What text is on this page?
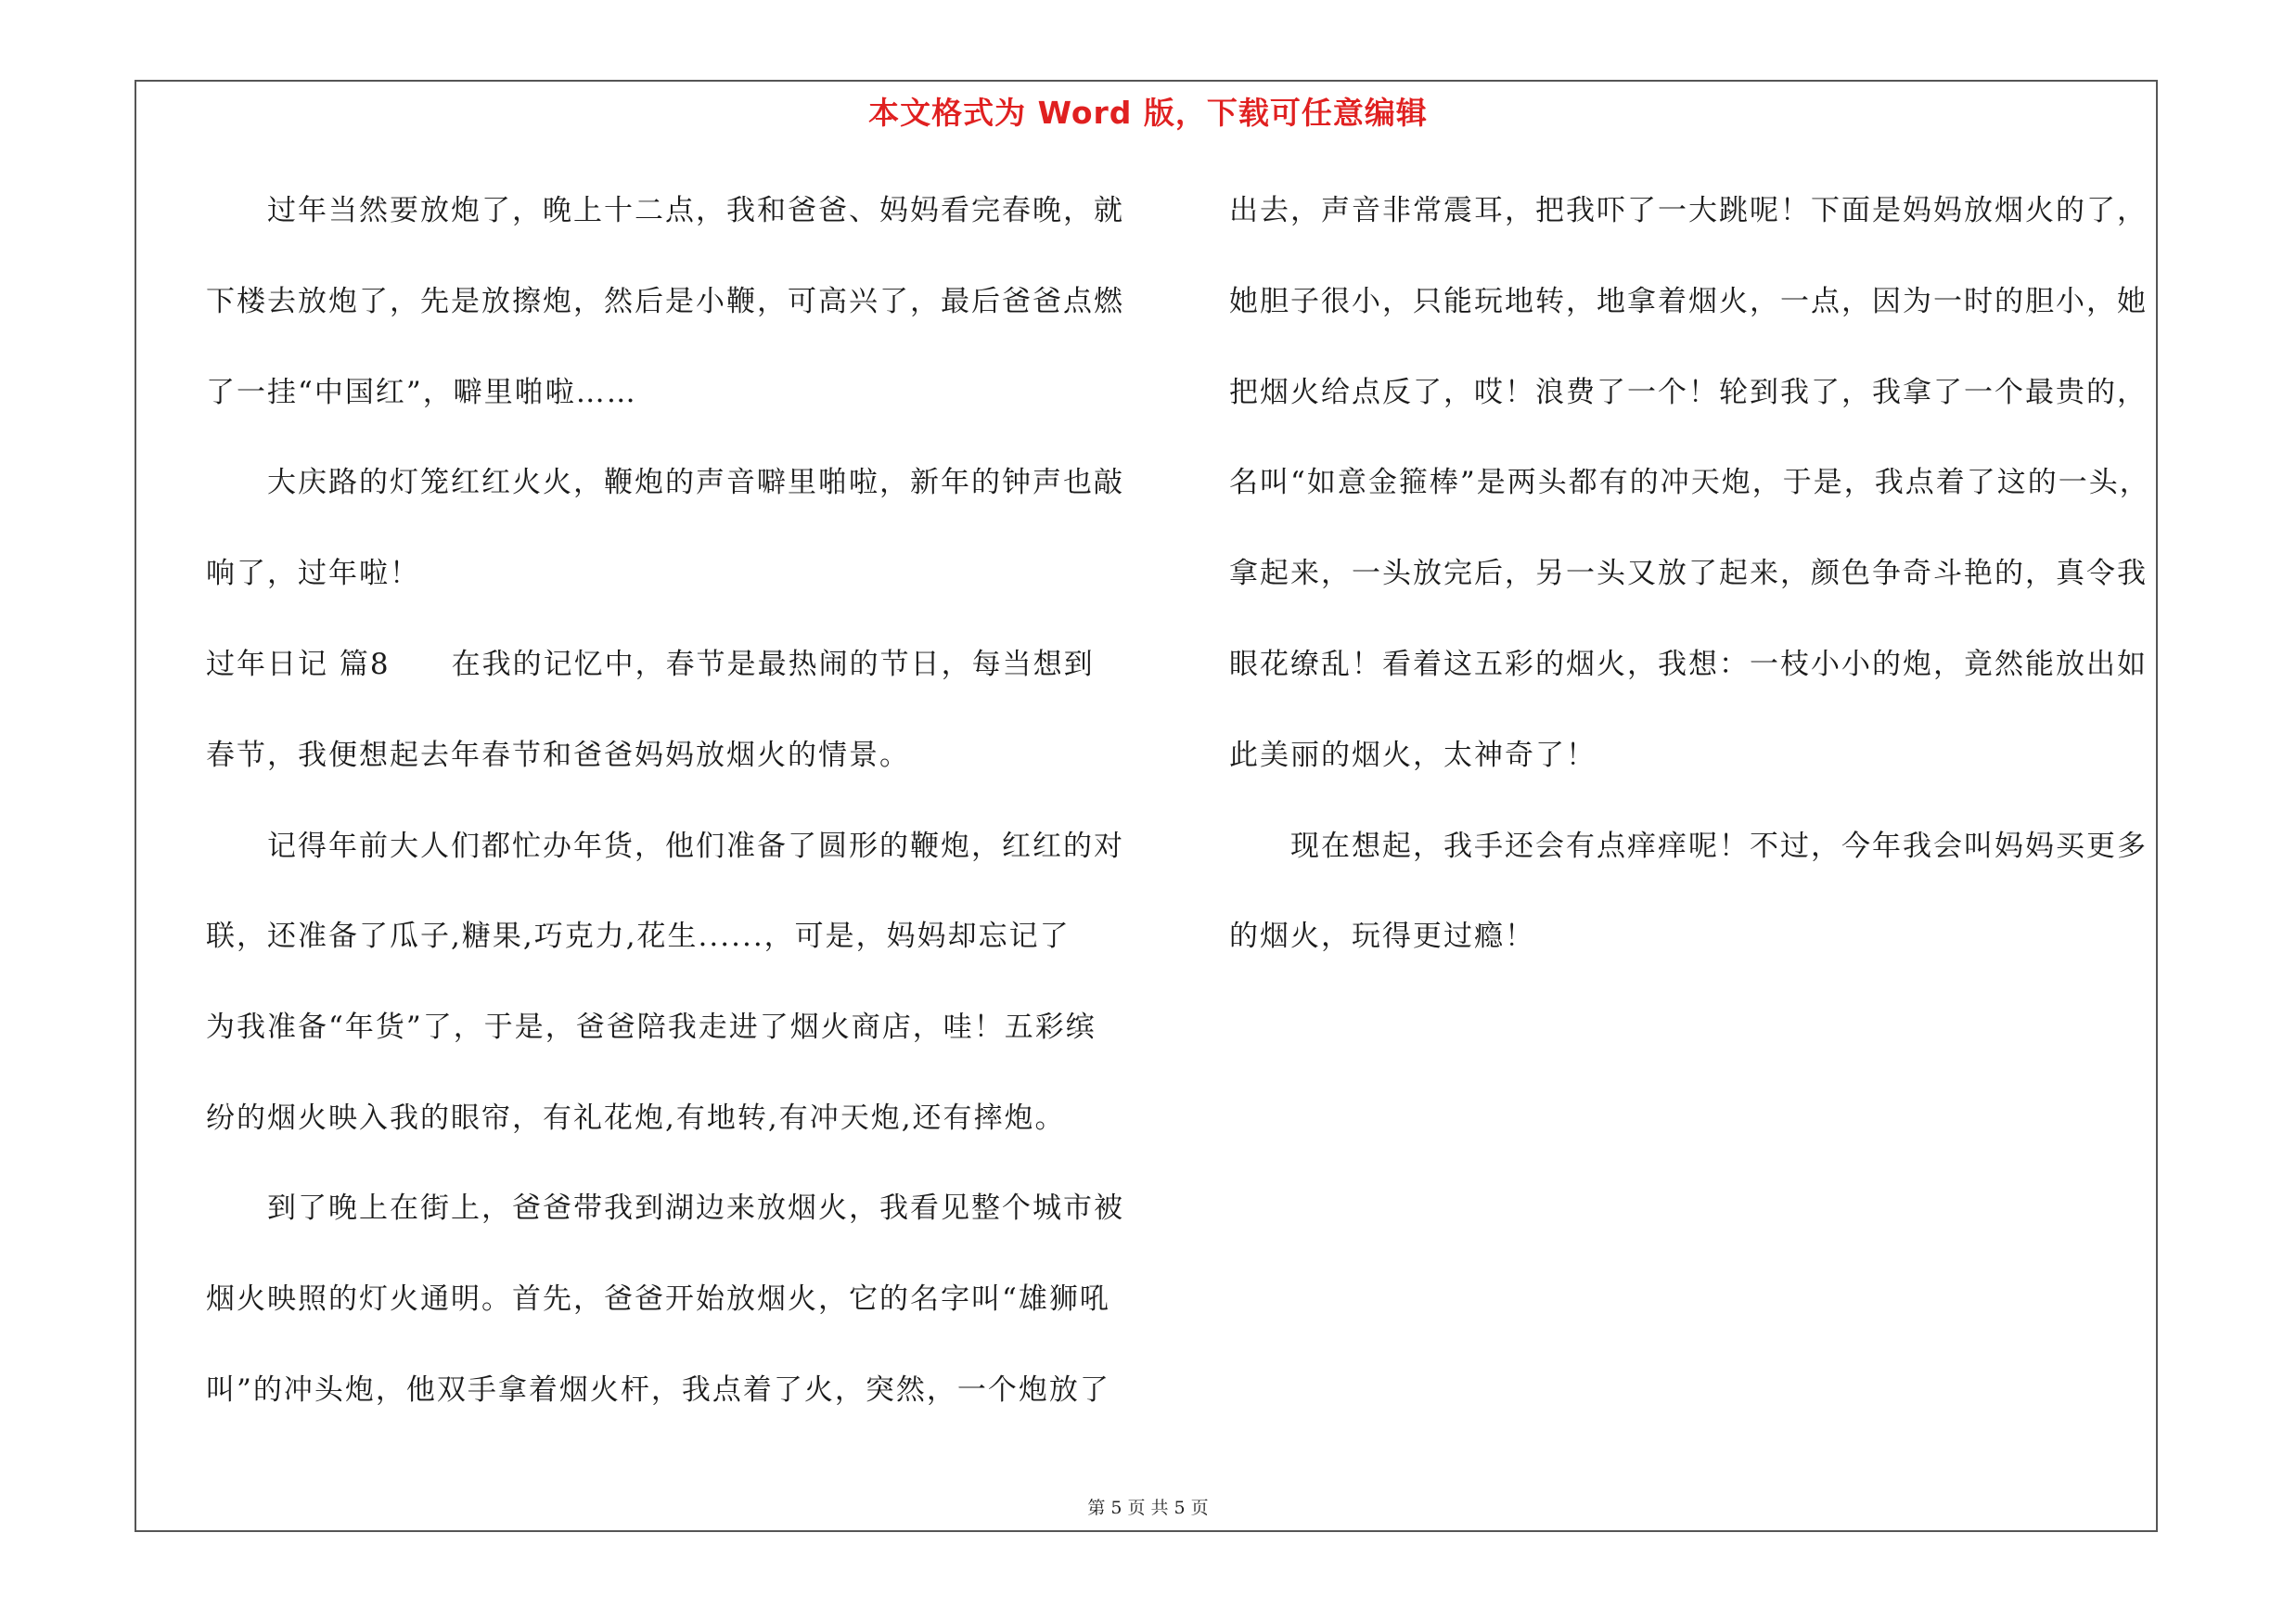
本文格式为 Word 版，下载可任意编辑
　　过年当然要放炮了，晚上十二点，我和爸爸、妈妈看完春晚，就
下楼去放炮了，先是放擦炮，然后是小鞭，可高兴了，最后爸爸点燃
了一挂“中国红”，噼里啪啦……
　　大庆路的灯笼红红火火，鞭炮的声音噼里啪啦，新年的钟声也敲
响了，过年啦！
过年日记 篇8　　在我的记忆中，春节是最热闹的节日，每当想到
春节，我便想起去年春节和爸爸妈妈放烟火的情景。
　　记得年前大人们都忙办年货，他们准备了圆形的鞭炮，红红的对
联，还准备了瓜子,糖果,巧克力,花生......，可是，妈妈却忘记了
为我准备“年货”了，于是，爸爸陪我走进了烟火商店，哇！五彩缤
纷的烟火映入我的眼帘，有礼花炮,有地转,有冲天炮,还有摔炮。
　　到了晚上在街上，爸爸带我到湖边来放烟火，我看见整个城市被
烟火映照的灯火通明。首先，爸爸开始放烟火，它的名字叫“雄狮吼
叫”的冲头炮，他双手拿着烟火杆，我点着了火，突然，一个炮放了
出去，声音非常震耳，把我吓了一大跳呢！下面是妈妈放烟火的了，
她胆子很小，只能玩地转，地拿着烟火，一点，因为一时的胆小，她
把烟火给点反了，哎！浪费了一个！轮到我了，我拿了一个最贵的，
名叫“如意金箍棒”是两头都有的冲天炮，于是，我点着了这的一头，
拿起来，一头放完后，另一头又放了起来，颜色争奇斗艳的，真令我
眼花缭乱！看着这五彩的烟火，我想：一枝小小的炮，竟然能放出如
此美丽的烟火，太神奇了！
　　现在想起，我手还会有点痒痒呢！不过，今年我会叫妈妈买更多
的烟火，玩得更过瘾！
第 5 页 共 5 页
